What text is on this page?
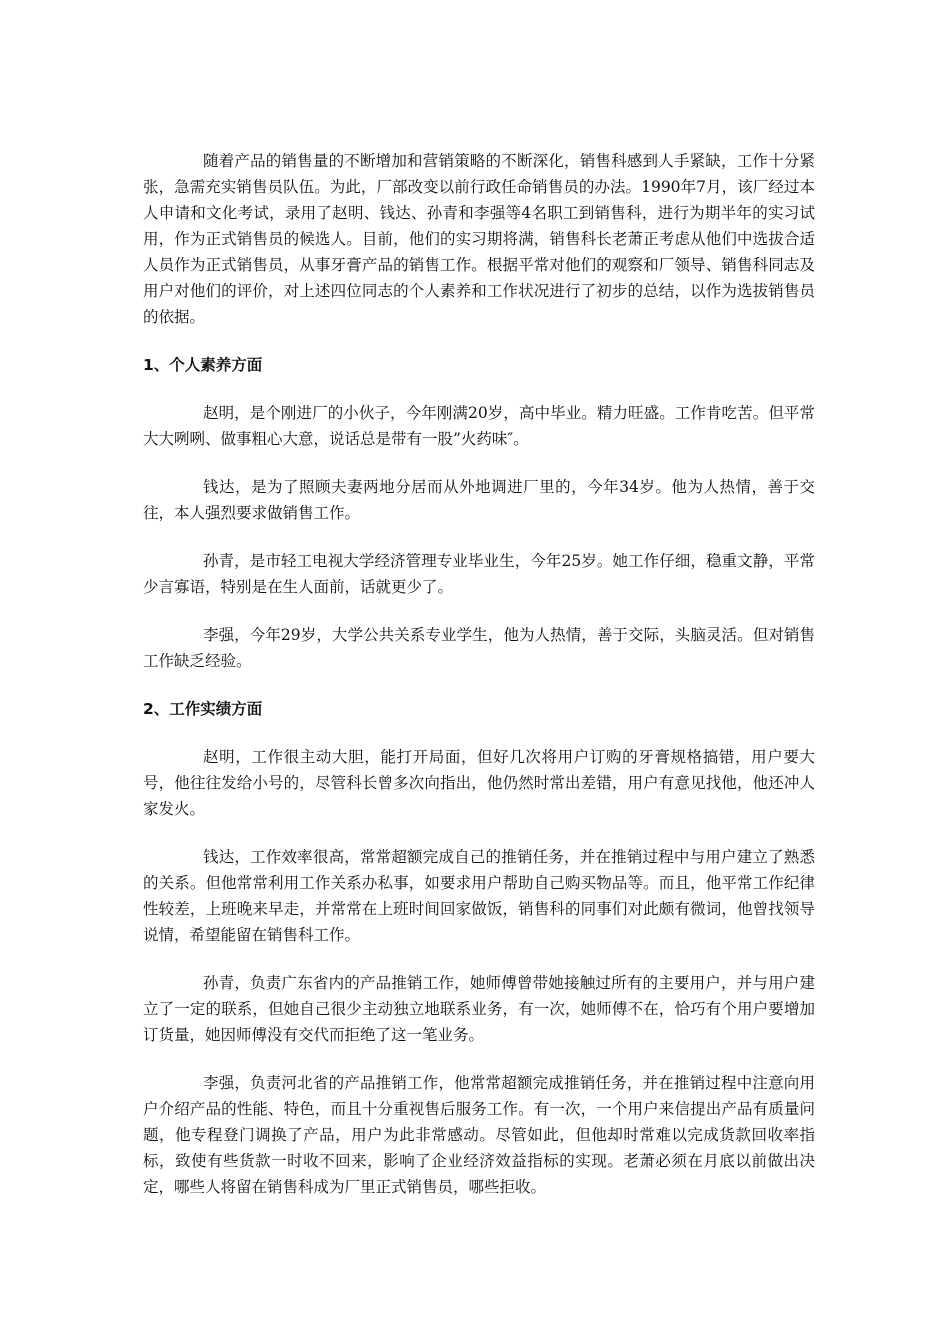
随着产品的销售量的不断增加和营销策略的不断深化，销售科感到人手紧缺，工作十分紧张，急需充实销售员队伍。为此，厂部改变以前行政任命销售员的办法。1990年7月，该厂经过本人申请和文化考试，录用了赵明、钱达、孙青和李强等4名职工到销售科，进行为期半年的实习试用，作为正式销售员的候选人。目前，他们的实习期将满，销售科长老萧正考虑从他们中选拔合适人员作为正式销售员，从事牙膏产品的销售工作。根据平常对他们的观察和厂领导、销售科同志及用户对他们的评价，对上述四位同志的个人素养和工作状况进行了初步的总结，以作为选拔销售员的依据。

1、个人素养方面

赵明，是个刚进厂的小伙子，今年刚满20岁，高中毕业。精力旺盛。工作肯吃苦。但平常大大咧咧、做事粗心大意，说话总是带有一股”火药味″。

钱达，是为了照顾夫妻两地分居而从外地调进厂里的，今年34岁。他为人热情，善于交往，本人强烈要求做销售工作。

孙青，是市轻工电视大学经济管理专业毕业生，今年25岁。她工作仔细，稳重文静，平常少言寡语，特别是在生人面前，话就更少了。

李强，今年29岁，大学公共关系专业学生，他为人热情，善于交际，头脑灵活。但对销售工作缺乏经验。

2、工作实绩方面

赵明，工作很主动大胆，能打开局面，但好几次将用户订购的牙膏规格搞错，用户要大号，他往往发给小号的，尽管科长曾多次向指出，他仍然时常出差错，用户有意见找他，他还冲人家发火。

钱达，工作效率很高，常常超额完成自己的推销任务，并在推销过程中与用户建立了熟悉的关系。但他常常利用工作关系办私事，如要求用户帮助自己购买物品等。而且，他平常工作纪律性较差，上班晚来早走，并常常在上班时间回家做饭，销售科的同事们对此颇有微词，他曾找领导说情，希望能留在销售科工作。

孙青，负责广东省内的产品推销工作，她师傅曾带她接触过所有的主要用户，并与用户建立了一定的联系，但她自己很少主动独立地联系业务，有一次，她师傅不在，恰巧有个用户要增加订货量，她因师傅没有交代而拒绝了这一笔业务。

李强，负责河北省的产品推销工作，他常常超额完成推销任务，并在推销过程中注意向用户介绍产品的性能、特色，而且十分重视售后服务工作。有一次，一个用户来信提出产品有质量问题，他专程登门调换了产品，用户为此非常感动。尽管如此，但他却时常难以完成货款回收率指标，致使有些货款一时收不回来，影响了企业经济效益指标的实现。老萧必须在月底以前做出决定，哪些人将留在销售科成为厂里正式销售员，哪些拒收。
